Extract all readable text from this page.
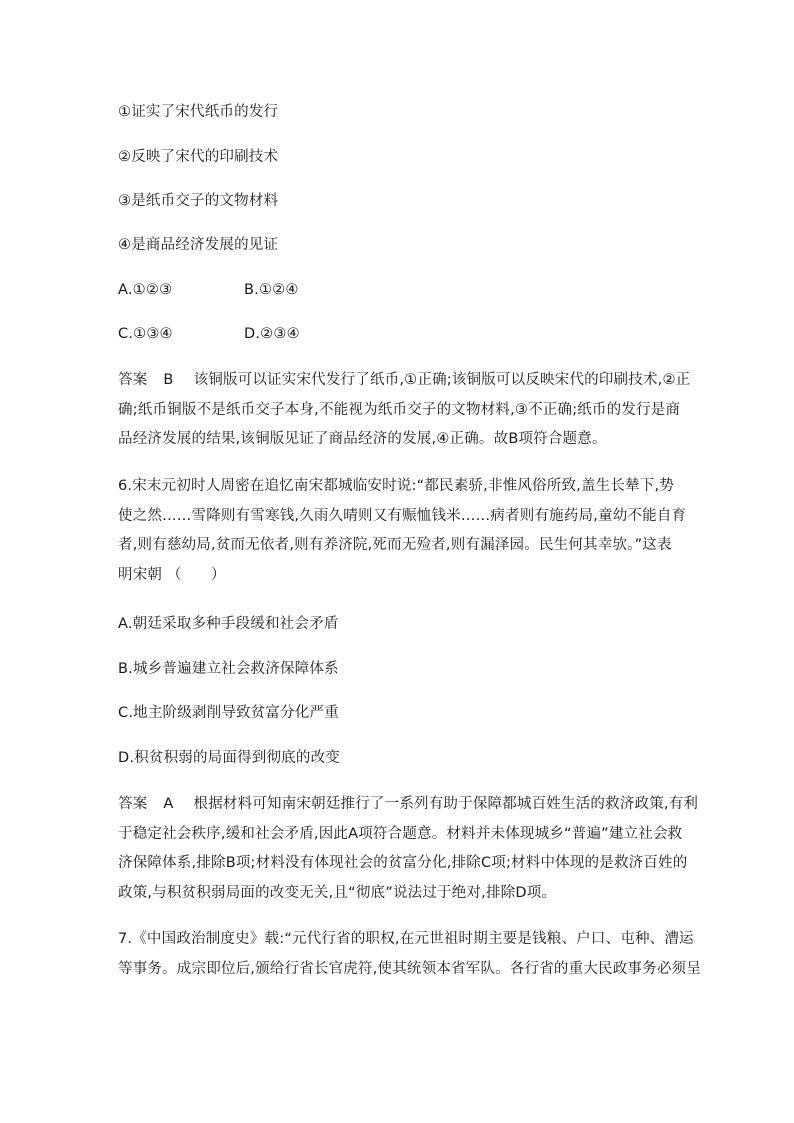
①证实了宋代纸币的发行
②反映了宋代的印刷技术
③是纸币交子的文物材料
④是商品经济发展的见证
A.①②③	B.①②④
C.①③④	D.②③④
答案 B 该铜版可以证实宋代发行了纸币,①正确;该铜版可以反映宋代的印刷技术,②正
确;纸币铜版不是纸币交子本身,不能视为纸币交子的文物材料,③不正确;纸币的发行是商
品经济发展的结果,该铜版见证了商品经济的发展,④正确。故B项符合题意。
6.宋末元初时人周密在追忆南宋都城临安时说:“都民素骄,非惟风俗所致,盖生长辇下,势
使之然……雪降则有雪寒钱,久雨久晴则又有赈恤钱米……病者则有施药局,童幼不能自育
者,则有慈幼局,贫而无依者,则有养济院,死而无殓者,则有漏泽园。民生何其幸欤。”这表
明宋朝 （　　）
A.朝廷采取多种手段缓和社会矛盾
B.城乡普遍建立社会救济保障体系
C.地主阶级剥削导致贫富分化严重
D.积贫积弱的局面得到彻底的改变
答案 A 根据材料可知南宋朝廷推行了一系列有助于保障都城百姓生活的救济政策,有利
于稳定社会秩序,缓和社会矛盾,因此A项符合题意。材料并未体现城乡“普遍”建立社会救
济保障体系,排除B项;材料没有体现社会的贫富分化,排除C项;材料中体现的是救济百姓的
政策,与积贫积弱局面的改变无关,且“彻底”说法过于绝对,排除D项。
7.《中国政治制度史》载:“元代行省的职权,在元世祖时期主要是钱粮、户口、屯种、漕运
等事务。成宗即位后,颁给行省长官虎符,使其统领本省军队。各行省的重大民政事务必须呈
